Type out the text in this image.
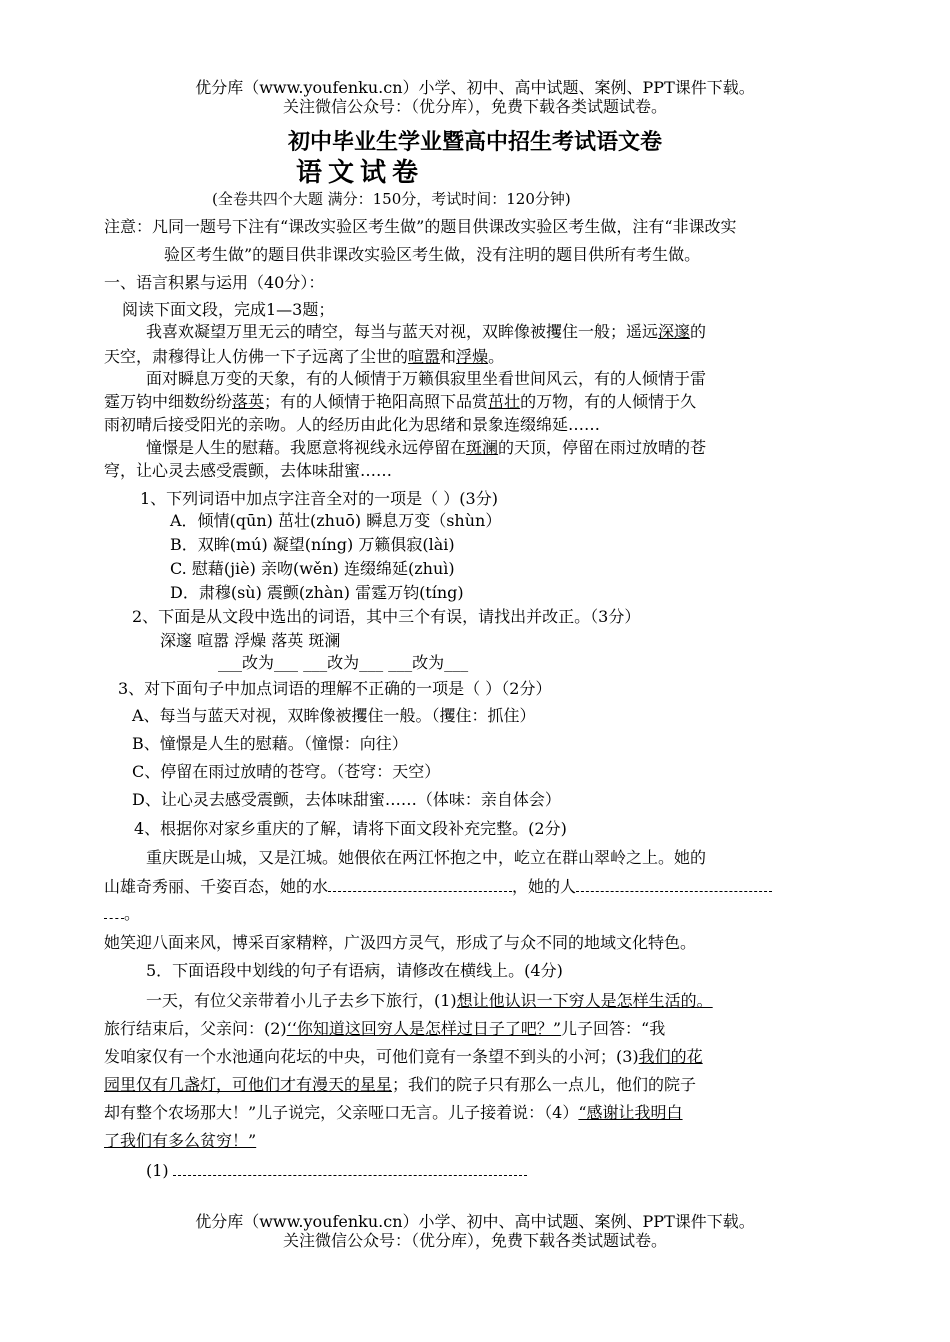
优分库（www.youfenku.cn）小学、初中、高中试题、案例、PPT课件下载。
关注微信公众号：（优分库），免费下载各类试题试卷。
初中毕业生学业暨高中招生考试语文卷
语文试卷
(全卷共四个大题 满分：150分，考试时间：120分钟)
注意：凡同一题号下注有“课改实验区考生做”的题目供课改实验区考生做，注有“非课改实
验区考生做”的题目供非课改实验区考生做，没有注明的题目供所有考生做。
一、语言积累与运用（40分）：
阅读下面文段，完成1—3题；
我喜欢凝望万里无云的晴空，每当与蓝天对视，双眸像被攫住一般；遥远深邃的
天空，肃穆得让人仿佛一下子远离了尘世的喧嚣和浮燥。
面对瞬息万变的天象，有的人倾情于万籁俱寂里坐看世间风云，有的人倾情于雷
霆万钧中细数纷纷落英；有的人倾情于艳阳高照下品赏茁壮的万物，有的人倾情于久
雨初晴后接受阳光的亲吻。人的经历由此化为思绪和景象连缀绵延……
憧憬是人生的慰藉。我愿意将视线永远停留在斑澜的天顶，停留在雨过放晴的苍
穹，让心灵去感受震颤，去体味甜蜜……
1、下列词语中加点字注音全对的一项是（ ）(3分)
A．倾情(qūn) 茁壮(zhuō) 瞬息万变（shùn）
B．双眸(mú) 凝望(níng) 万籁俱寂(lài)
C. 慰藉(jiè) 亲吻(wěn) 连缀绵延(zhuì)
D．肃穆(sù) 震颤(zhàn) 雷霆万钧(tíng)
2、下面是从文段中选出的词语，其中三个有误，请找出并改正。（3分）
深邃 喧嚣 浮燥 落英 斑澜
___改为___ ___改为___ ___改为___
3、对下面句子中加点词语的理解不正确的一项是（ ）（2分）
A、每当与蓝天对视，双眸像被攫住一般。（攫住：抓住）
B、憧憬是人生的慰藉。（憧憬：向往）
C、停留在雨过放晴的苍穹。（苍穹：天空）
D、让心灵去感受震颤，去体味甜蜜……（体味：亲自体会）
4、根据你对家乡重庆的了解，请将下面文段补充完整。(2分)
重庆既是山城，又是江城。她偎依在两江怀抱之中，屹立在群山翠岭之上。她的
山雄奇秀丽、千姿百态，她的水	，她的人
。
她笑迎八面来风，博采百家精粹，广汲四方灵气，形成了与众不同的地域文化特色。
5．下面语段中划线的句子有语病，请修改在横线上。(4分)
一天，有位父亲带着小儿子去乡下旅行，(1)想让他认识一下穷人是怎样生活的。
旅行结束后，父亲问：(2)‘‘你知道这回穷人是怎样过日子了吧？”儿子回答：“我
发咱家仅有一个水池通向花坛的中央，可他们竟有一条望不到头的小河；(3)我们的花
园里仅有几盏灯，可他们才有漫天的星星；我们的院子只有那么一点儿，他们的院子
却有整个农场那大！”儿子说完，父亲哑口无言。儿子接着说：（4）“感谢让我明白
了我们有多么贫穷！”
(1)
优分库（www.youfenku.cn）小学、初中、高中试题、案例、PPT课件下载。
关注微信公众号：（优分库），免费下载各类试题试卷。
